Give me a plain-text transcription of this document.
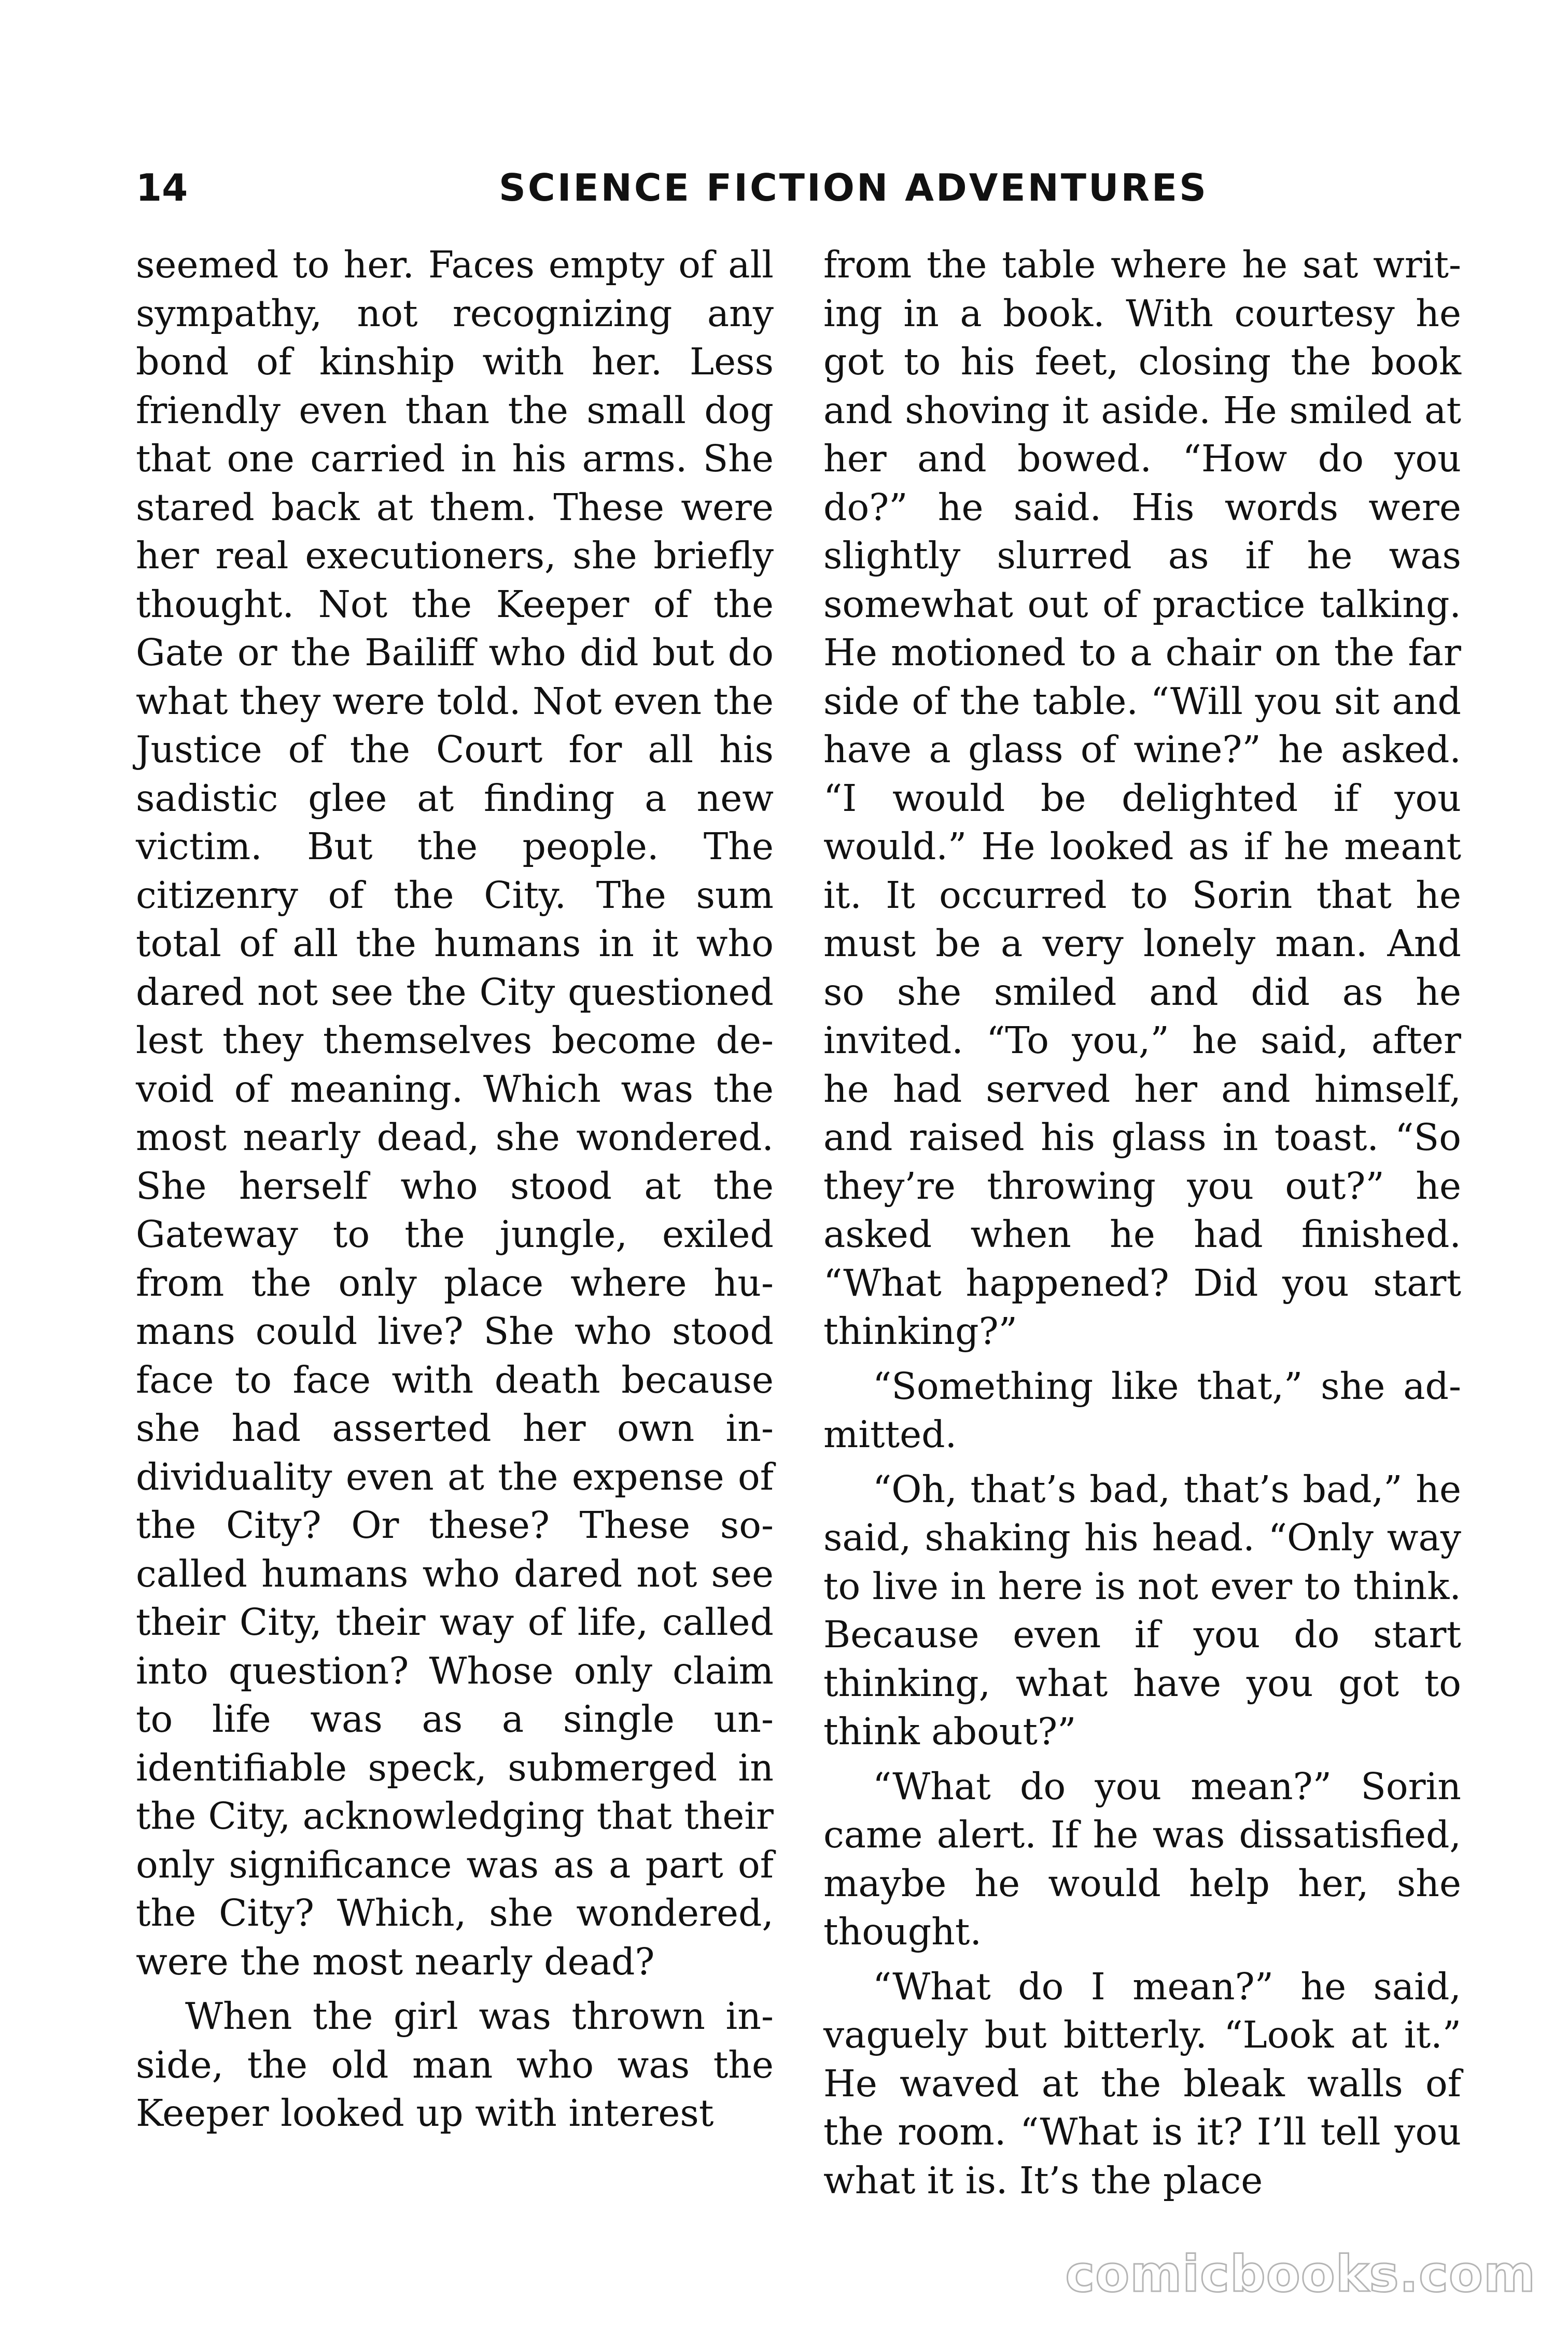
14	SCIENCE FICTION ADVENTURES

seemed to her. Faces empty of all sympathy, not recognizing any bond of kinship with her. Less friendly even than the small dog that one carried in his arms. She stared back at them. These were her real executioners, she briefly thought. Not the Keeper of the Gate or the Bailiff who did but do what they were told. Not even the Justice of the Court for all his sadistic glee at finding a new victim. But the people. The citizenry of the City. The sum total of all the humans in it who dared not see the City questioned lest they themselves become devoid of meaning. Which was the most nearly dead, she wondered. She herself who stood at the Gateway to the jungle, exiled from the only place where humans could live? She who stood face to face with death because she had asserted her own individuality even at the expense of the City? Or these? These so-called humans who dared not see their City, their way of life, called into question? Whose only claim to life was as a single unidentifiable speck, submerged in the City, acknowledging that their only significance was as a part of the City? Which, she wondered, were the most nearly dead?

When the girl was thrown inside, the old man who was the Keeper looked up with interest

from the table where he sat writing in a book. With courtesy he got to his feet, closing the book and shoving it aside. He smiled at her and bowed. “How do you do?” he said. His words were slightly slurred as if he was somewhat out of practice talking. He motioned to a chair on the far side of the table. “Will you sit and have a glass of wine?” he asked. “I would be delighted if you would.” He looked as if he meant it. It occurred to Sorin that he must be a very lonely man. And so she smiled and did as he invited. “To you,” he said, after he had served her and himself, and raised his glass in toast. “So they’re throwing you out?” he asked when he had finished. “What happened? Did you start thinking?”

“Something like that,” she admitted.

“Oh, that’s bad, that’s bad,” he said, shaking his head. “Only way to live in here is not ever to think. Because even if you do start thinking, what have you got to think about?”

“What do you mean?” Sorin came alert. If he was dissatisfied, maybe he would help her, she thought.

“What do I mean?” he said, vaguely but bitterly. “Look at it.” He waved at the bleak walls of the room. “What is it? I’ll tell you what it is. It’s the place

comicbooks.com
